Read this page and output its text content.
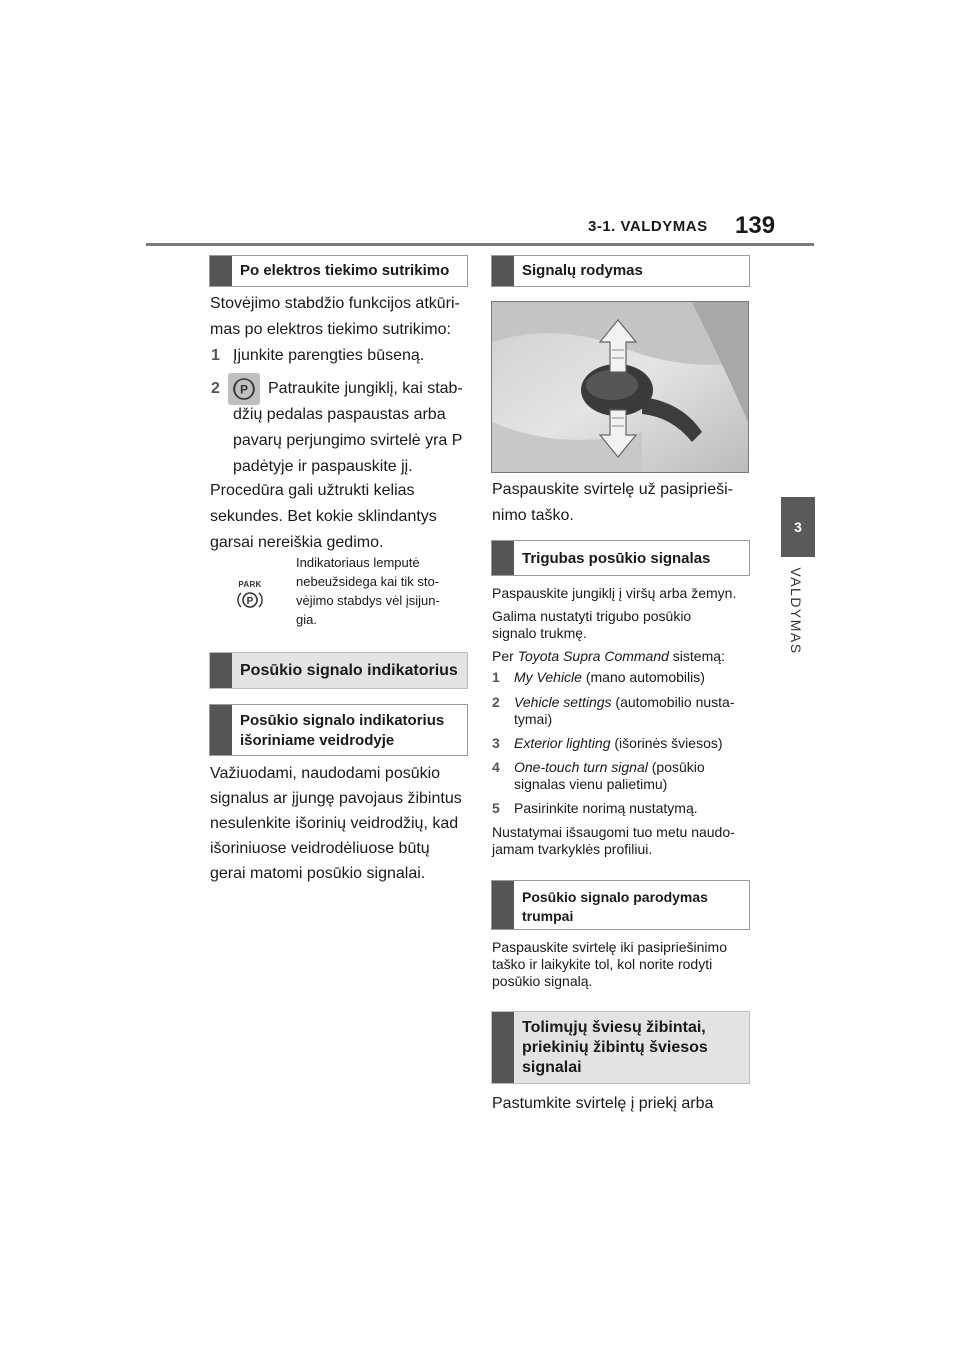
3-1. VALDYMAS 139
3
VALDYMAS
Po elektros tiekimo sutrikimo
Stovėjimo stabdžio funkcijos atkūri-
mas po elektros tiekimo sutrikimo:
1 Įjunkite parengties būseną.
2 P Patraukite jungiklį, kai stab-
džių pedalas paspaustas arba
pavarų perjungimo svirtelė yra P
padėtyje ir paspauskite jį.
Procedūra gali užtrukti kelias
sekundes. Bet kokie sklindantys
garsai nereiškia gedimo.
PARK
P
Indikatoriaus lemputė
nebeužsidega kai tik sto-
vėjimo stabdys vėl įsijun-
gia.
Posūkio signalo indikatorius
Posūkio signalo indikatorius
išoriniame veidrodyje
Važiuodami, naudodami posūkio
signalus ar įjungę pavojaus žibintus
nesulenkite išorinių veidrodžių, kad
išoriniuose veidrodėliuose būtų
gerai matomi posūkio signalai.
Signalų rodymas
Paspauskite svirtelę už pasiprieši-
nimo taško.
Trigubas posūkio signalas
Paspauskite jungiklį į viršų arba žemyn.
Galima nustatyti trigubo posūkio
signalo trukmę.
Per Toyota Supra Command sistemą:
1 My Vehicle (mano automobilis)
2 Vehicle settings (automobilio nusta-
tymai)
3 Exterior lighting (išorinės šviesos)
4 One-touch turn signal (posūkio
signalas vienu palietimu)
5 Pasirinkite norimą nustatymą.
Nustatymai išsaugomi tuo metu naudo-
jamam tvarkyklės profiliui.
Posūkio signalo parodymas
trumpai
Paspauskite svirtelę iki pasipriešinimo
taško ir laikykite tol, kol norite rodyti
posūkio signalą.
Tolimųjų šviesų žibintai,
priekinių žibintų šviesos
signalai
Pastumkite svirtelę į priekį arba
